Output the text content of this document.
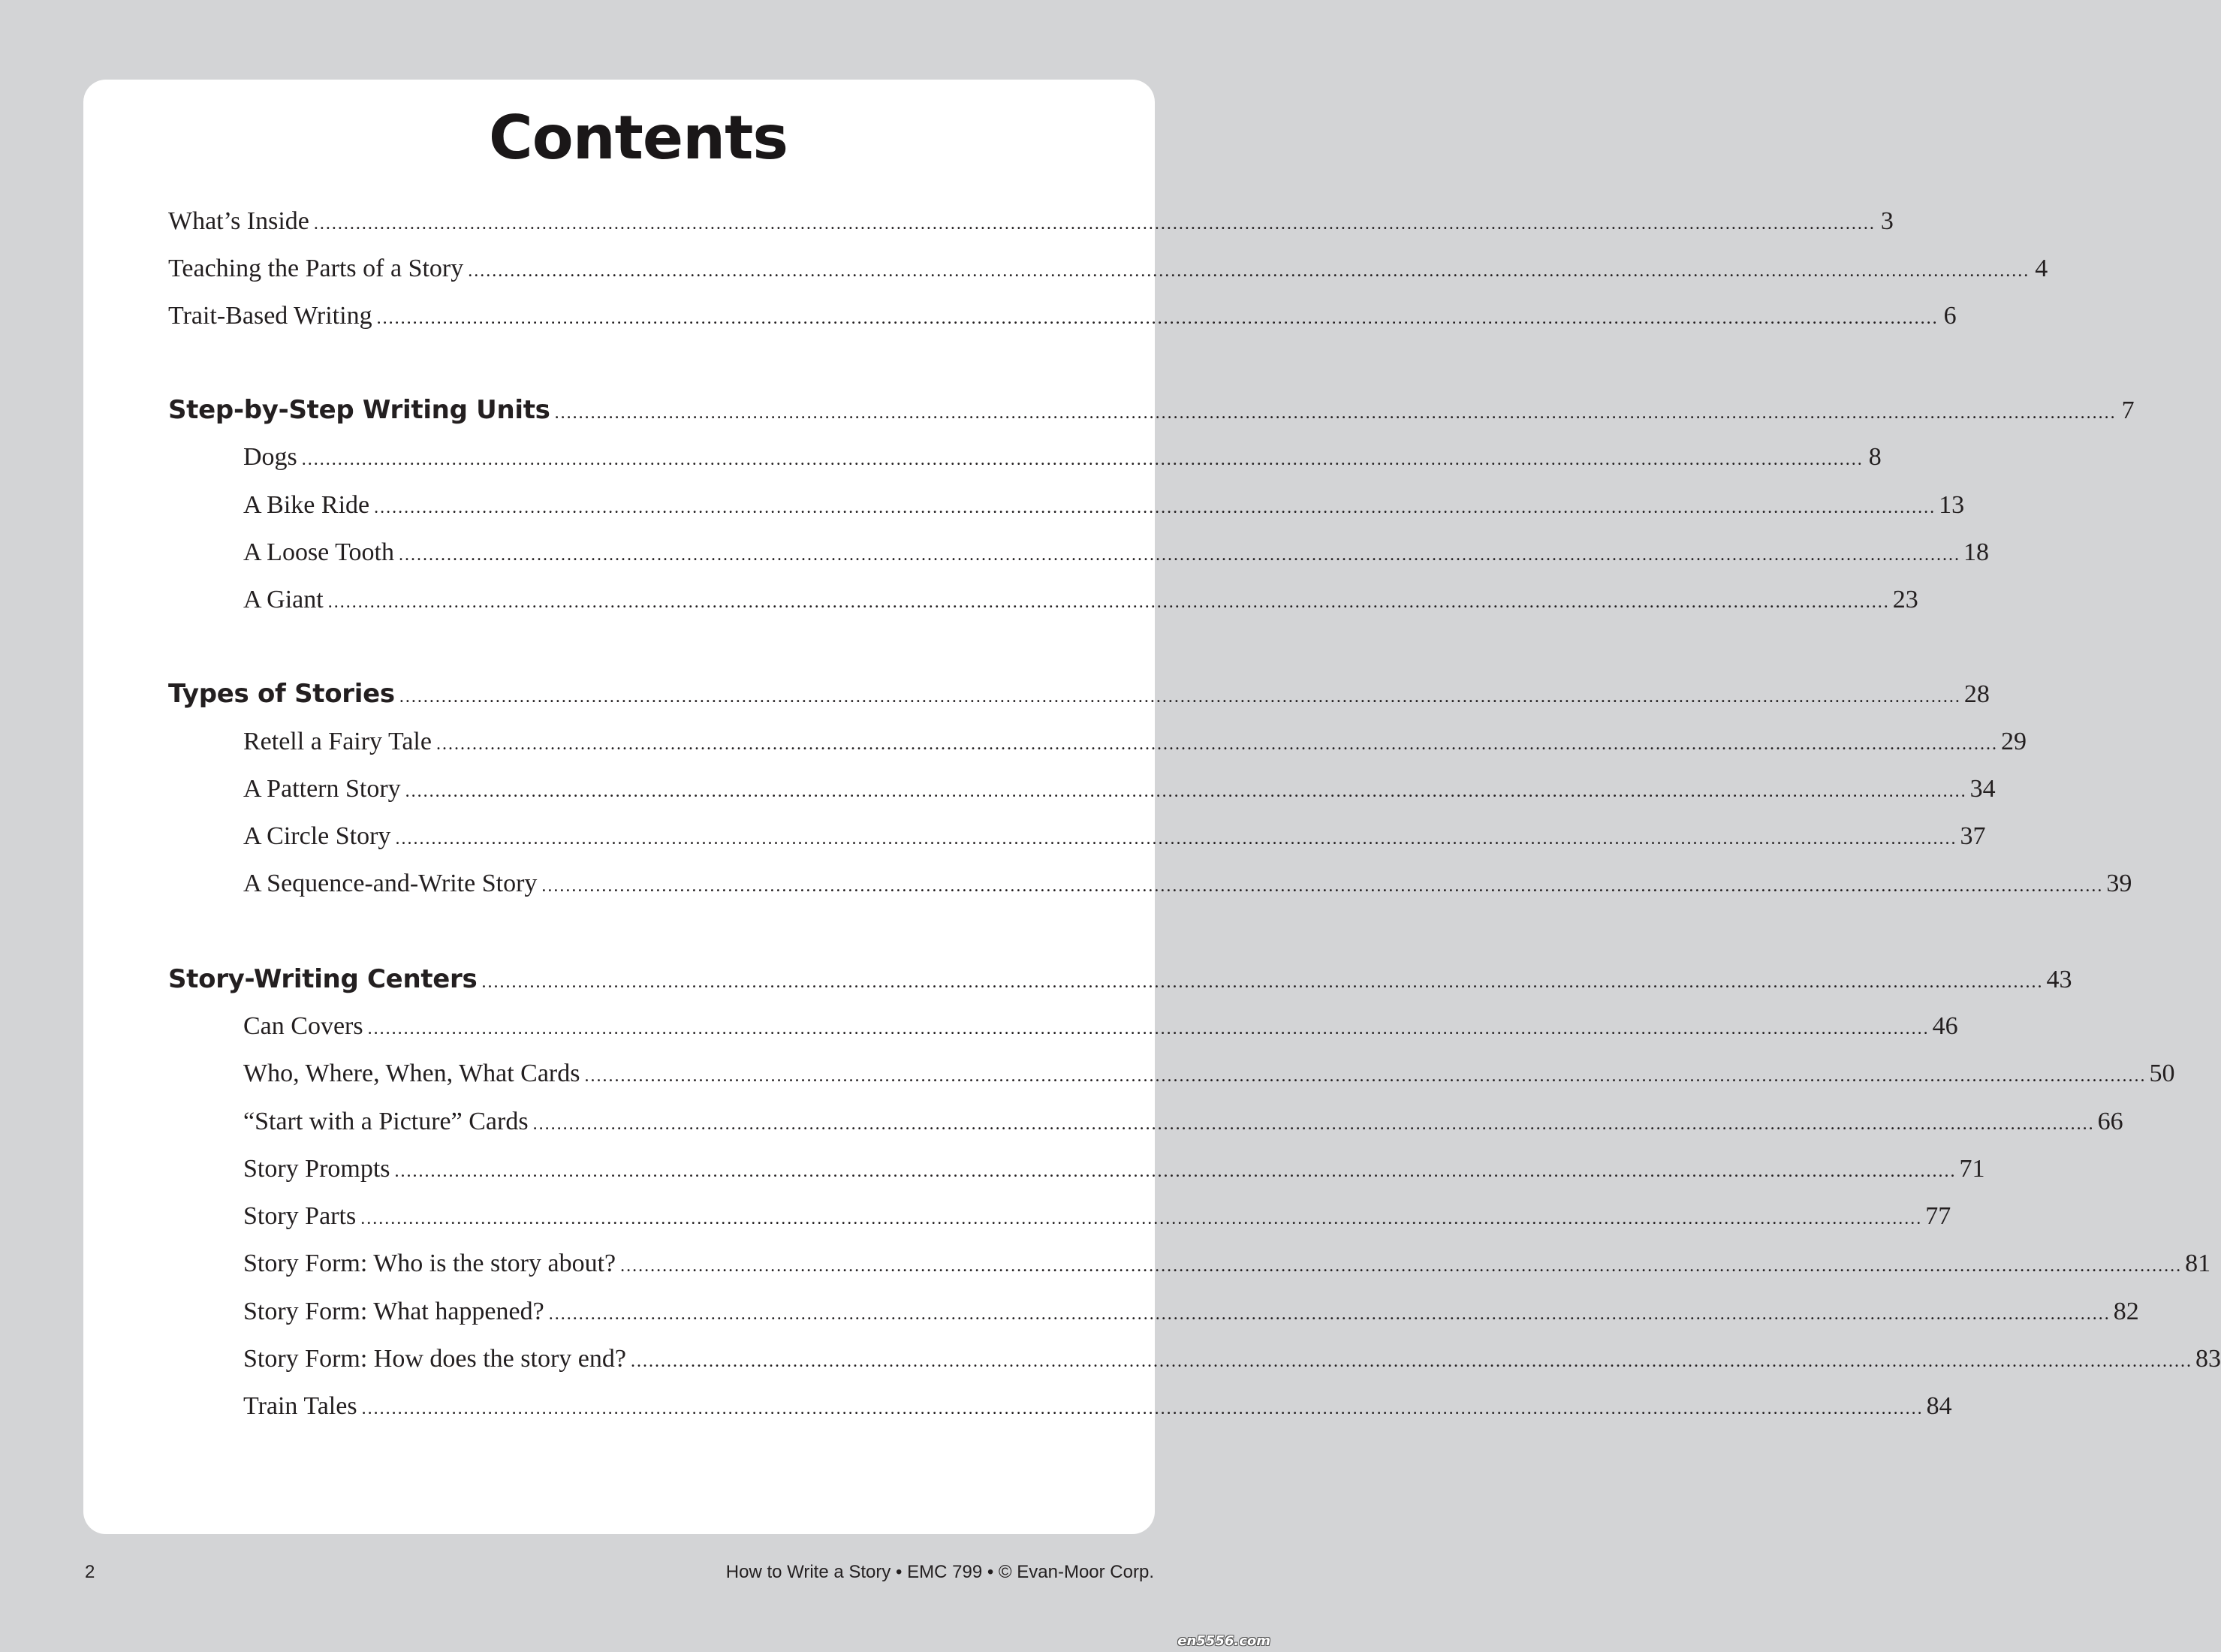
Contents
What’s Inside .................................................................................................................................................................................................................................................................... 3
Teaching the Parts of a Story .................................................................................................................................................................................................................................................................... 4
Trait-Based Writing .................................................................................................................................................................................................................................................................... 6
Step-by-Step Writing Units .................................................................................................................................................................................................................................................................... 7
Dogs .................................................................................................................................................................................................................................................................... 8
A Bike Ride .................................................................................................................................................................................................................................................................... 13
A Loose Tooth .................................................................................................................................................................................................................................................................... 18
A Giant .................................................................................................................................................................................................................................................................... 23
Types of Stories .................................................................................................................................................................................................................................................................... 28
Retell a Fairy Tale .................................................................................................................................................................................................................................................................... 29
A Pattern Story .................................................................................................................................................................................................................................................................... 34
A Circle Story .................................................................................................................................................................................................................................................................... 37
A Sequence-and-Write Story .................................................................................................................................................................................................................................................................... 39
Story-Writing Centers .................................................................................................................................................................................................................................................................... 43
Can Covers .................................................................................................................................................................................................................................................................... 46
Who, Where, When, What Cards .................................................................................................................................................................................................................................................................... 50
“Start with a Picture” Cards .................................................................................................................................................................................................................................................................... 66
Story Prompts .................................................................................................................................................................................................................................................................... 71
Story Parts .................................................................................................................................................................................................................................................................... 77
Story Form: Who is the story about? .................................................................................................................................................................................................................................................................... 81
Story Form: What happened? .................................................................................................................................................................................................................................................................... 82
Story Form: How does the story end? .................................................................................................................................................................................................................................................................... 83
Train Tales .................................................................................................................................................................................................................................................................... 84
2	How to Write a Story • EMC 799 • © Evan-Moor Corp.
en5556.com
